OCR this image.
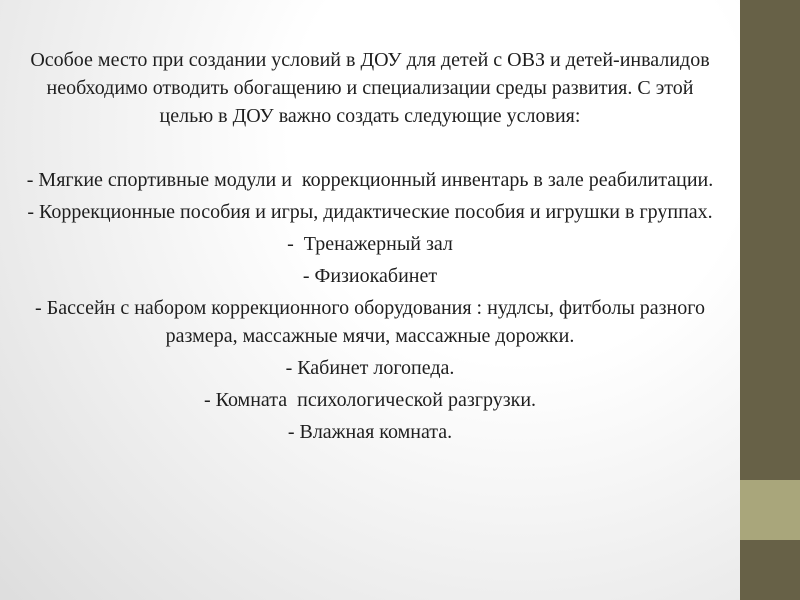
Особое место при создании условий в ДОУ для детей с ОВЗ и детей-инвалидов необходимо отводить обогащению и специализации среды развития. С этой целью в ДОУ важно создать следующие условия:

- Мягкие спортивные модули и  коррекционный инвентарь в зале реабилитации.

- Коррекционные пособия и игры, дидактические пособия и игрушки в группах.

-  Тренажерный зал

- Физиокабинет

- Бассейн с набором коррекционного оборудования : нудлсы, фитболы разного размера, массажные мячи, массажные дорожки.

- Кабинет логопеда.

- Комната  психологической разгрузки.

- Влажная комната.
